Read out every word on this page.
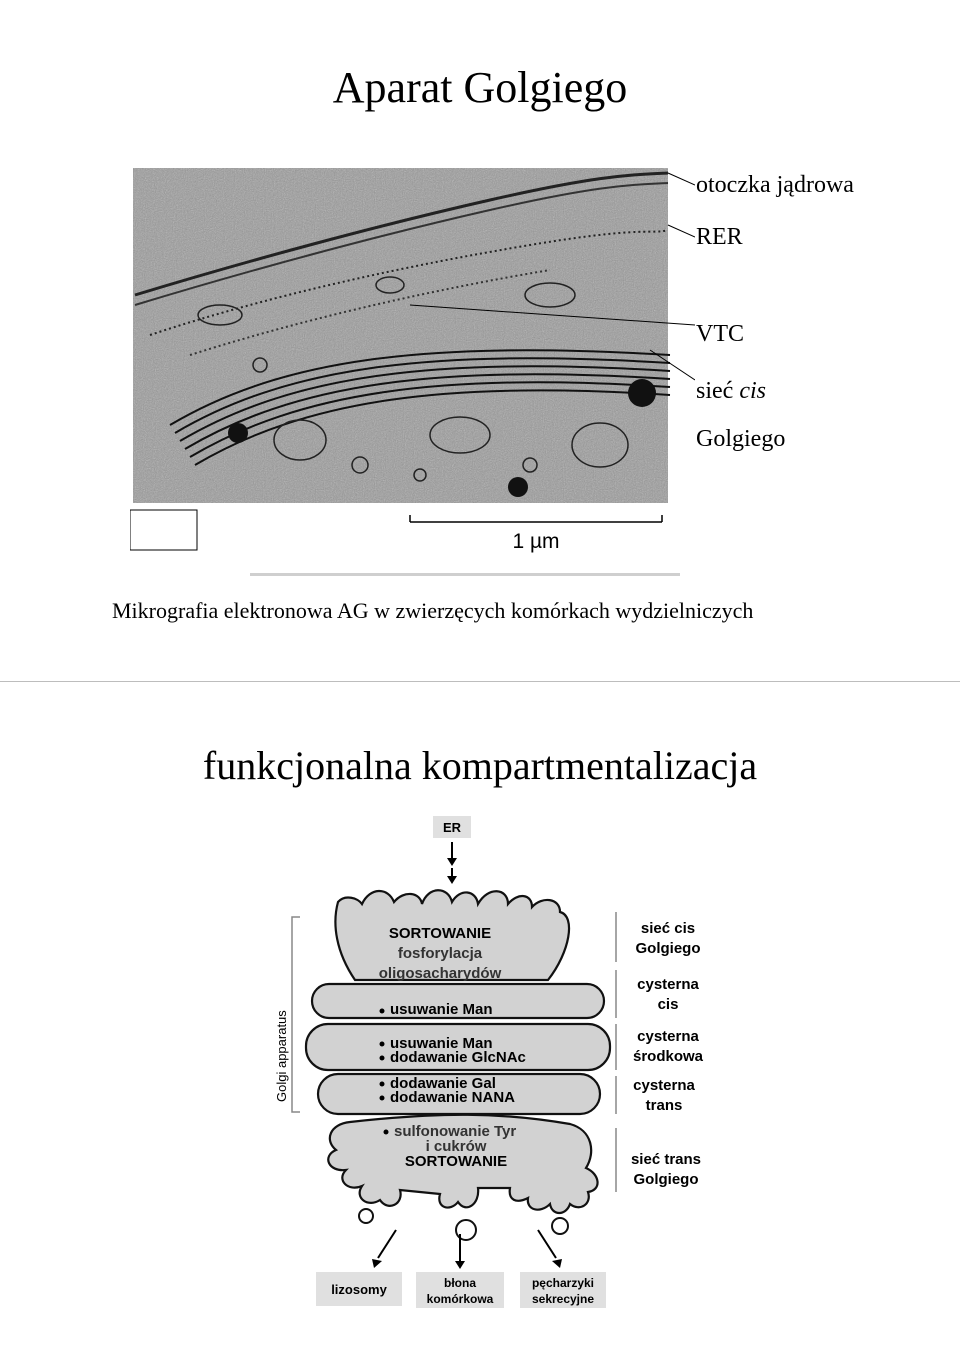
Aparat Golgiego
1 µm
otoczka jądrowa
RER
VTC
sieć cis
Golgiego
Mikrografia elektronowa AG w zwierzęcych komórkach wydzielniczych
funkcjonalna kompartmentalizacja
ER
Golgi apparatus
SORTOWANIE
fosforylacja
oligosacharydów
usuwanie Man
usuwanie Man
dodawanie GlcNAc
dodawanie Gal
dodawanie NANA
sulfonowanie Tyr
i cukrów
SORTOWANIE
sieć cis
Golgiego
cysterna
cis
cysterna
środkowa
cysterna
trans
sieć trans
Golgiego
lizosomy	błona
komórkowa
pęcharzyki
sekrecyjne
